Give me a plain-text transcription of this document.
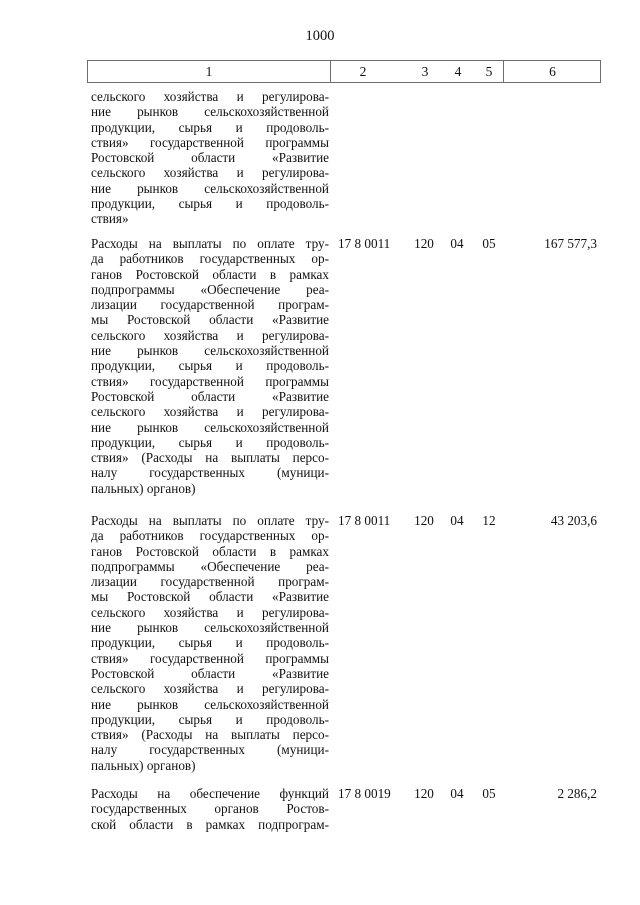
1000
1	2	3	4	5	6
сельского хозяйства и регулирова-
ние рынков сельскохозяйственной
продукции, сырья и продоволь-
ствия» государственной программы
Ростовской области «Развитие
сельского хозяйства и регулирова-
ние рынков сельскохозяйственной
продукции, сырья и продоволь-
ствия»
Расходы на выплаты по оплате тру-
да работников государственных ор-
ганов Ростовской области в рамках
подпрограммы «Обеспечение реа-
лизации государственной програм-
мы Ростовской области «Развитие
сельского хозяйства и регулирова-
ние рынков сельскохозяйственной
продукции, сырья и продоволь-
ствия» государственной программы
Ростовской области «Развитие
сельского хозяйства и регулирова-
ние рынков сельскохозяйственной
продукции, сырья и продоволь-
ствия» (Расходы на выплаты персо-
налу государственных (муници-
пальных) органов)
17 8 0011	120	04	05	167 577,3
Расходы на выплаты по оплате тру-
да работников государственных ор-
ганов Ростовской области в рамках
подпрограммы «Обеспечение реа-
лизации государственной програм-
мы Ростовской области «Развитие
сельского хозяйства и регулирова-
ние рынков сельскохозяйственной
продукции, сырья и продоволь-
ствия» государственной программы
Ростовской области «Развитие
сельского хозяйства и регулирова-
ние рынков сельскохозяйственной
продукции, сырья и продоволь-
ствия» (Расходы на выплаты персо-
налу государственных (муници-
пальных) органов)
17 8 0011	120	04	12	43 203,6
Расходы на обеспечение функций
государственных органов Ростов-
ской области в рамках подпрограм-
17 8 0019	120	04	05	2 286,2
